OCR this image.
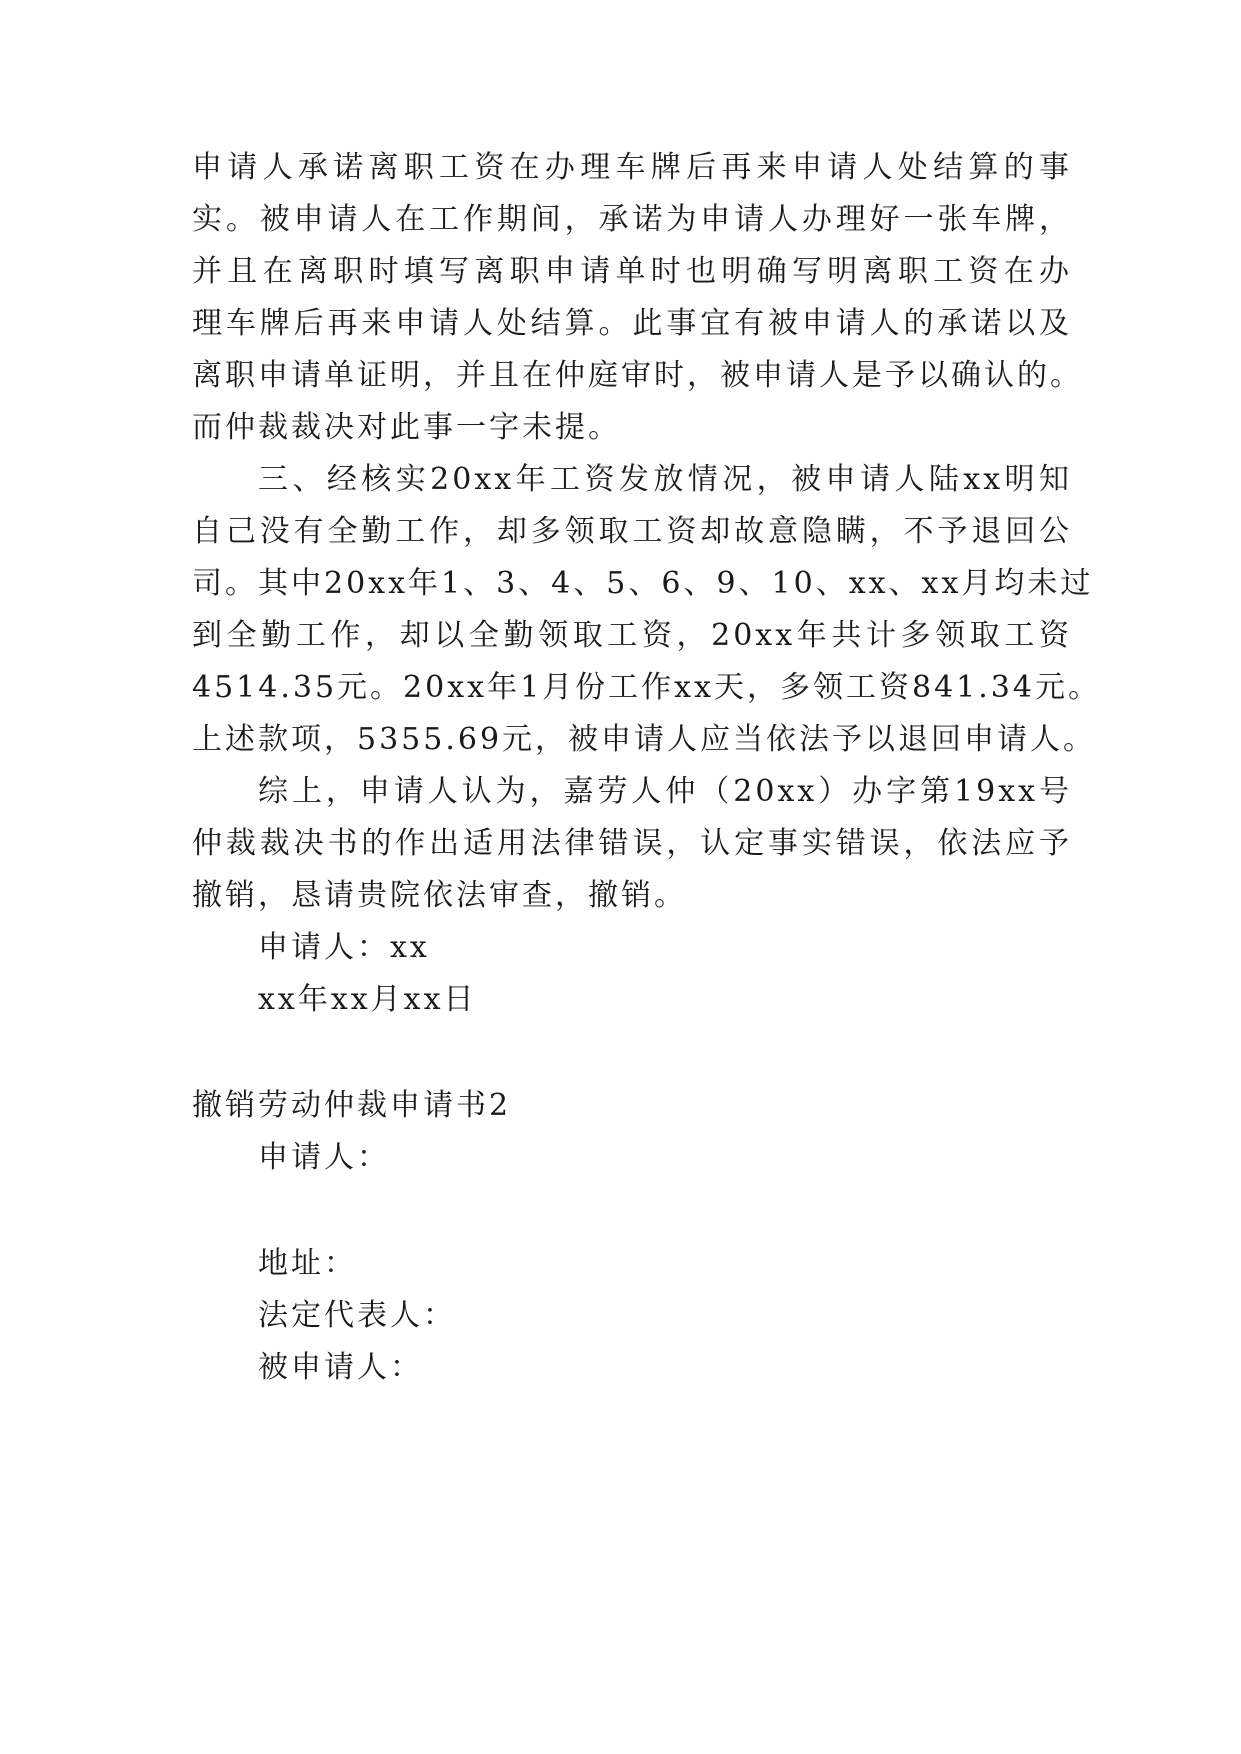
申请人承诺离职工资在办理车牌后再来申请人处结算的事
实。被申请人在工作期间，承诺为申请人办理好一张车牌，
并且在离职时填写离职申请单时也明确写明离职工资在办
理车牌后再来申请人处结算。此事宜有被申请人的承诺以及
离职申请单证明，并且在仲庭审时，被申请人是予以确认的。
而仲裁裁决对此事一字未提。
三、经核实20xx年工资发放情况，被申请人陆xx明知
自己没有全勤工作，却多领取工资却故意隐瞒，不予退回公
司。其中20xx年1、3、4、5、6、9、10、xx、xx月均未过
到全勤工作，却以全勤领取工资，20xx年共计多领取工资
4514.35元。20xx年1月份工作xx天，多领工资841.34元。
上述款项，5355.69元，被申请人应当依法予以退回申请人。
综上，申请人认为，嘉劳人仲（20xx）办字第19xx号
仲裁裁决书的作出适用法律错误，认定事实错误，依法应予
撤销，恳请贵院依法审查，撤销。
申请人：xx
xx年xx月xx日
撤销劳动仲裁申请书2
申请人：
地址：
法定代表人：
被申请人：
